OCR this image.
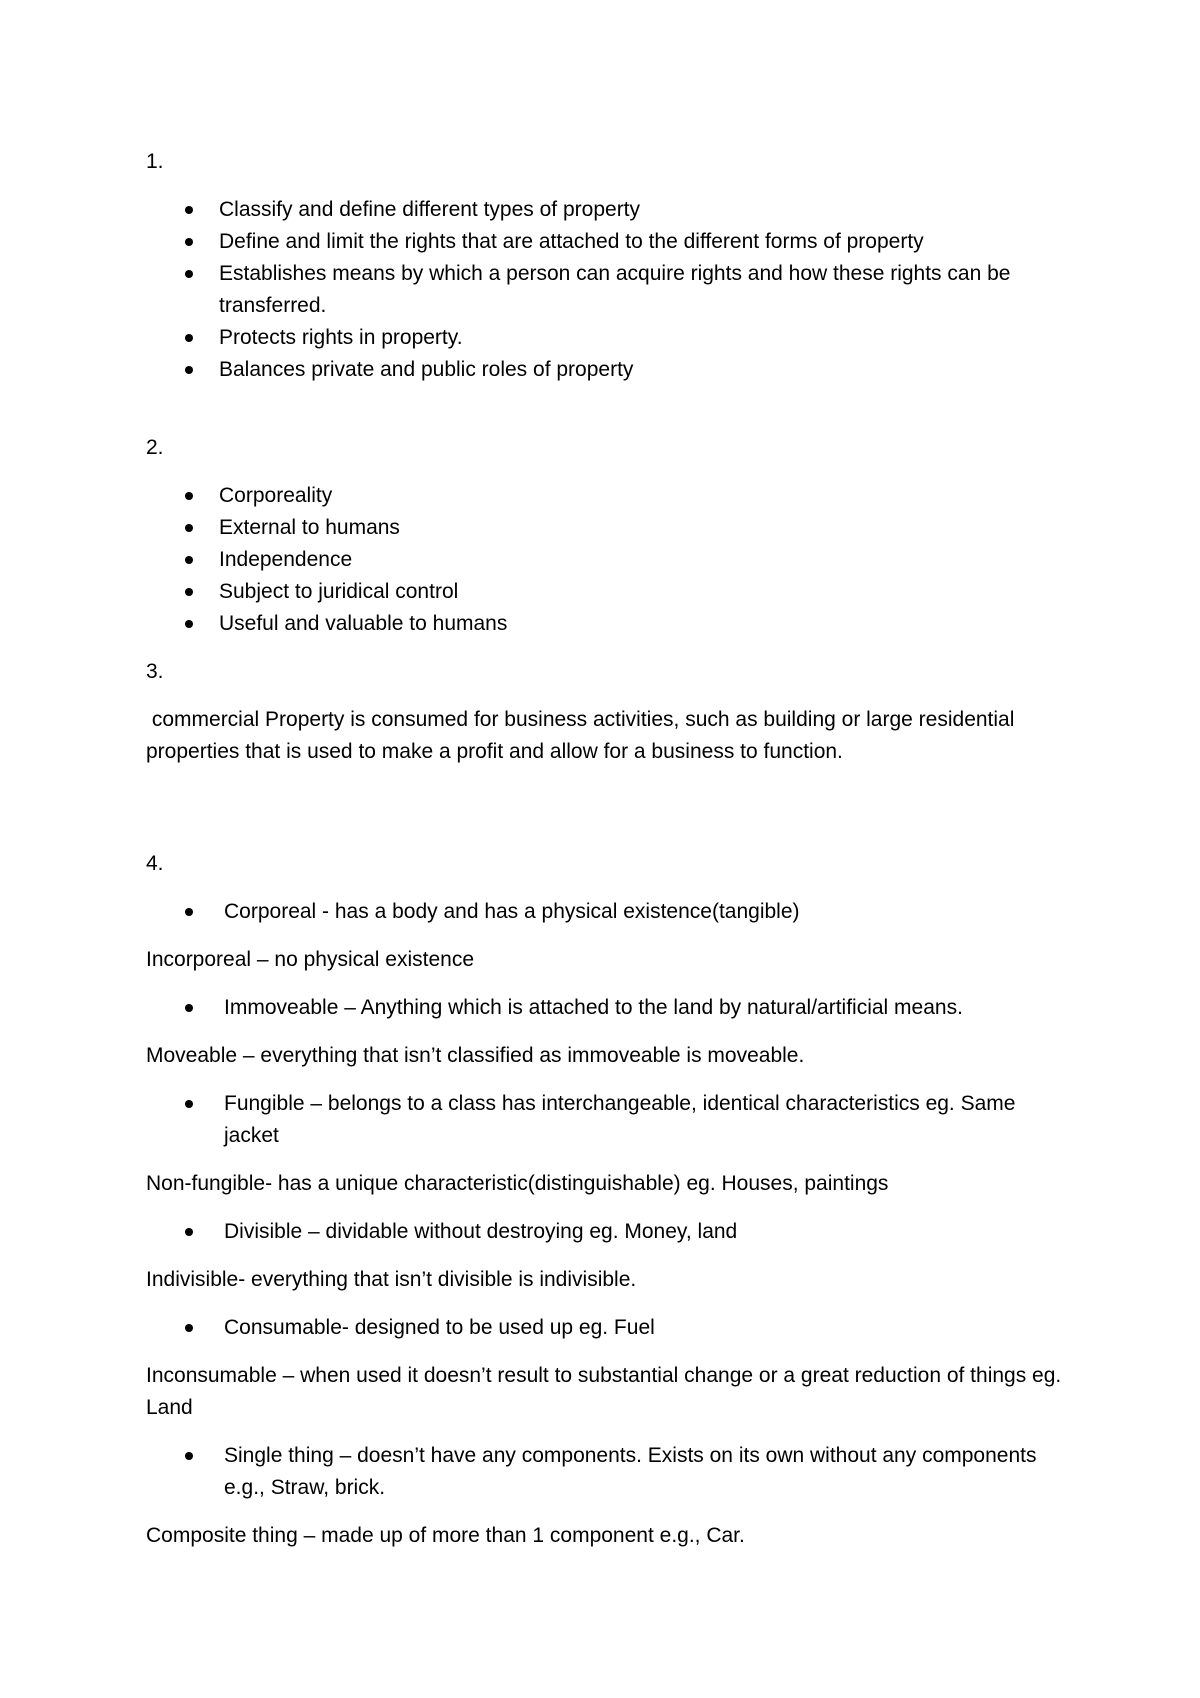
1.

Classify and define different types of property
Define and limit the rights that are attached to the different forms of property
Establishes means by which a person can acquire rights and how these rights can be transferred.
Protects rights in property.
Balances private and public roles of property

2.

Corporeality
External to humans
Independence
Subject to juridical control
Useful and valuable to humans

3.

commercial Property is consumed for business activities, such as building or large residential properties that is used to make a profit and allow for a business to function.

4.

Corporeal - has a body and has a physical existence(tangible)

Incorporeal – no physical existence

Immoveable – Anything which is attached to the land by natural/artificial means.

Moveable – everything that isn’t classified as immoveable is moveable.

Fungible – belongs to a class has interchangeable, identical characteristics eg. Same jacket

Non-fungible- has a unique characteristic(distinguishable) eg. Houses, paintings

Divisible – dividable without destroying eg. Money, land

Indivisible- everything that isn’t divisible is indivisible.

Consumable- designed to be used up eg. Fuel

Inconsumable – when used it doesn’t result to substantial change or a great reduction of things eg. Land

Single thing – doesn’t have any components. Exists on its own without any components e.g., Straw, brick.

Composite thing – made up of more than 1 component e.g., Car.
